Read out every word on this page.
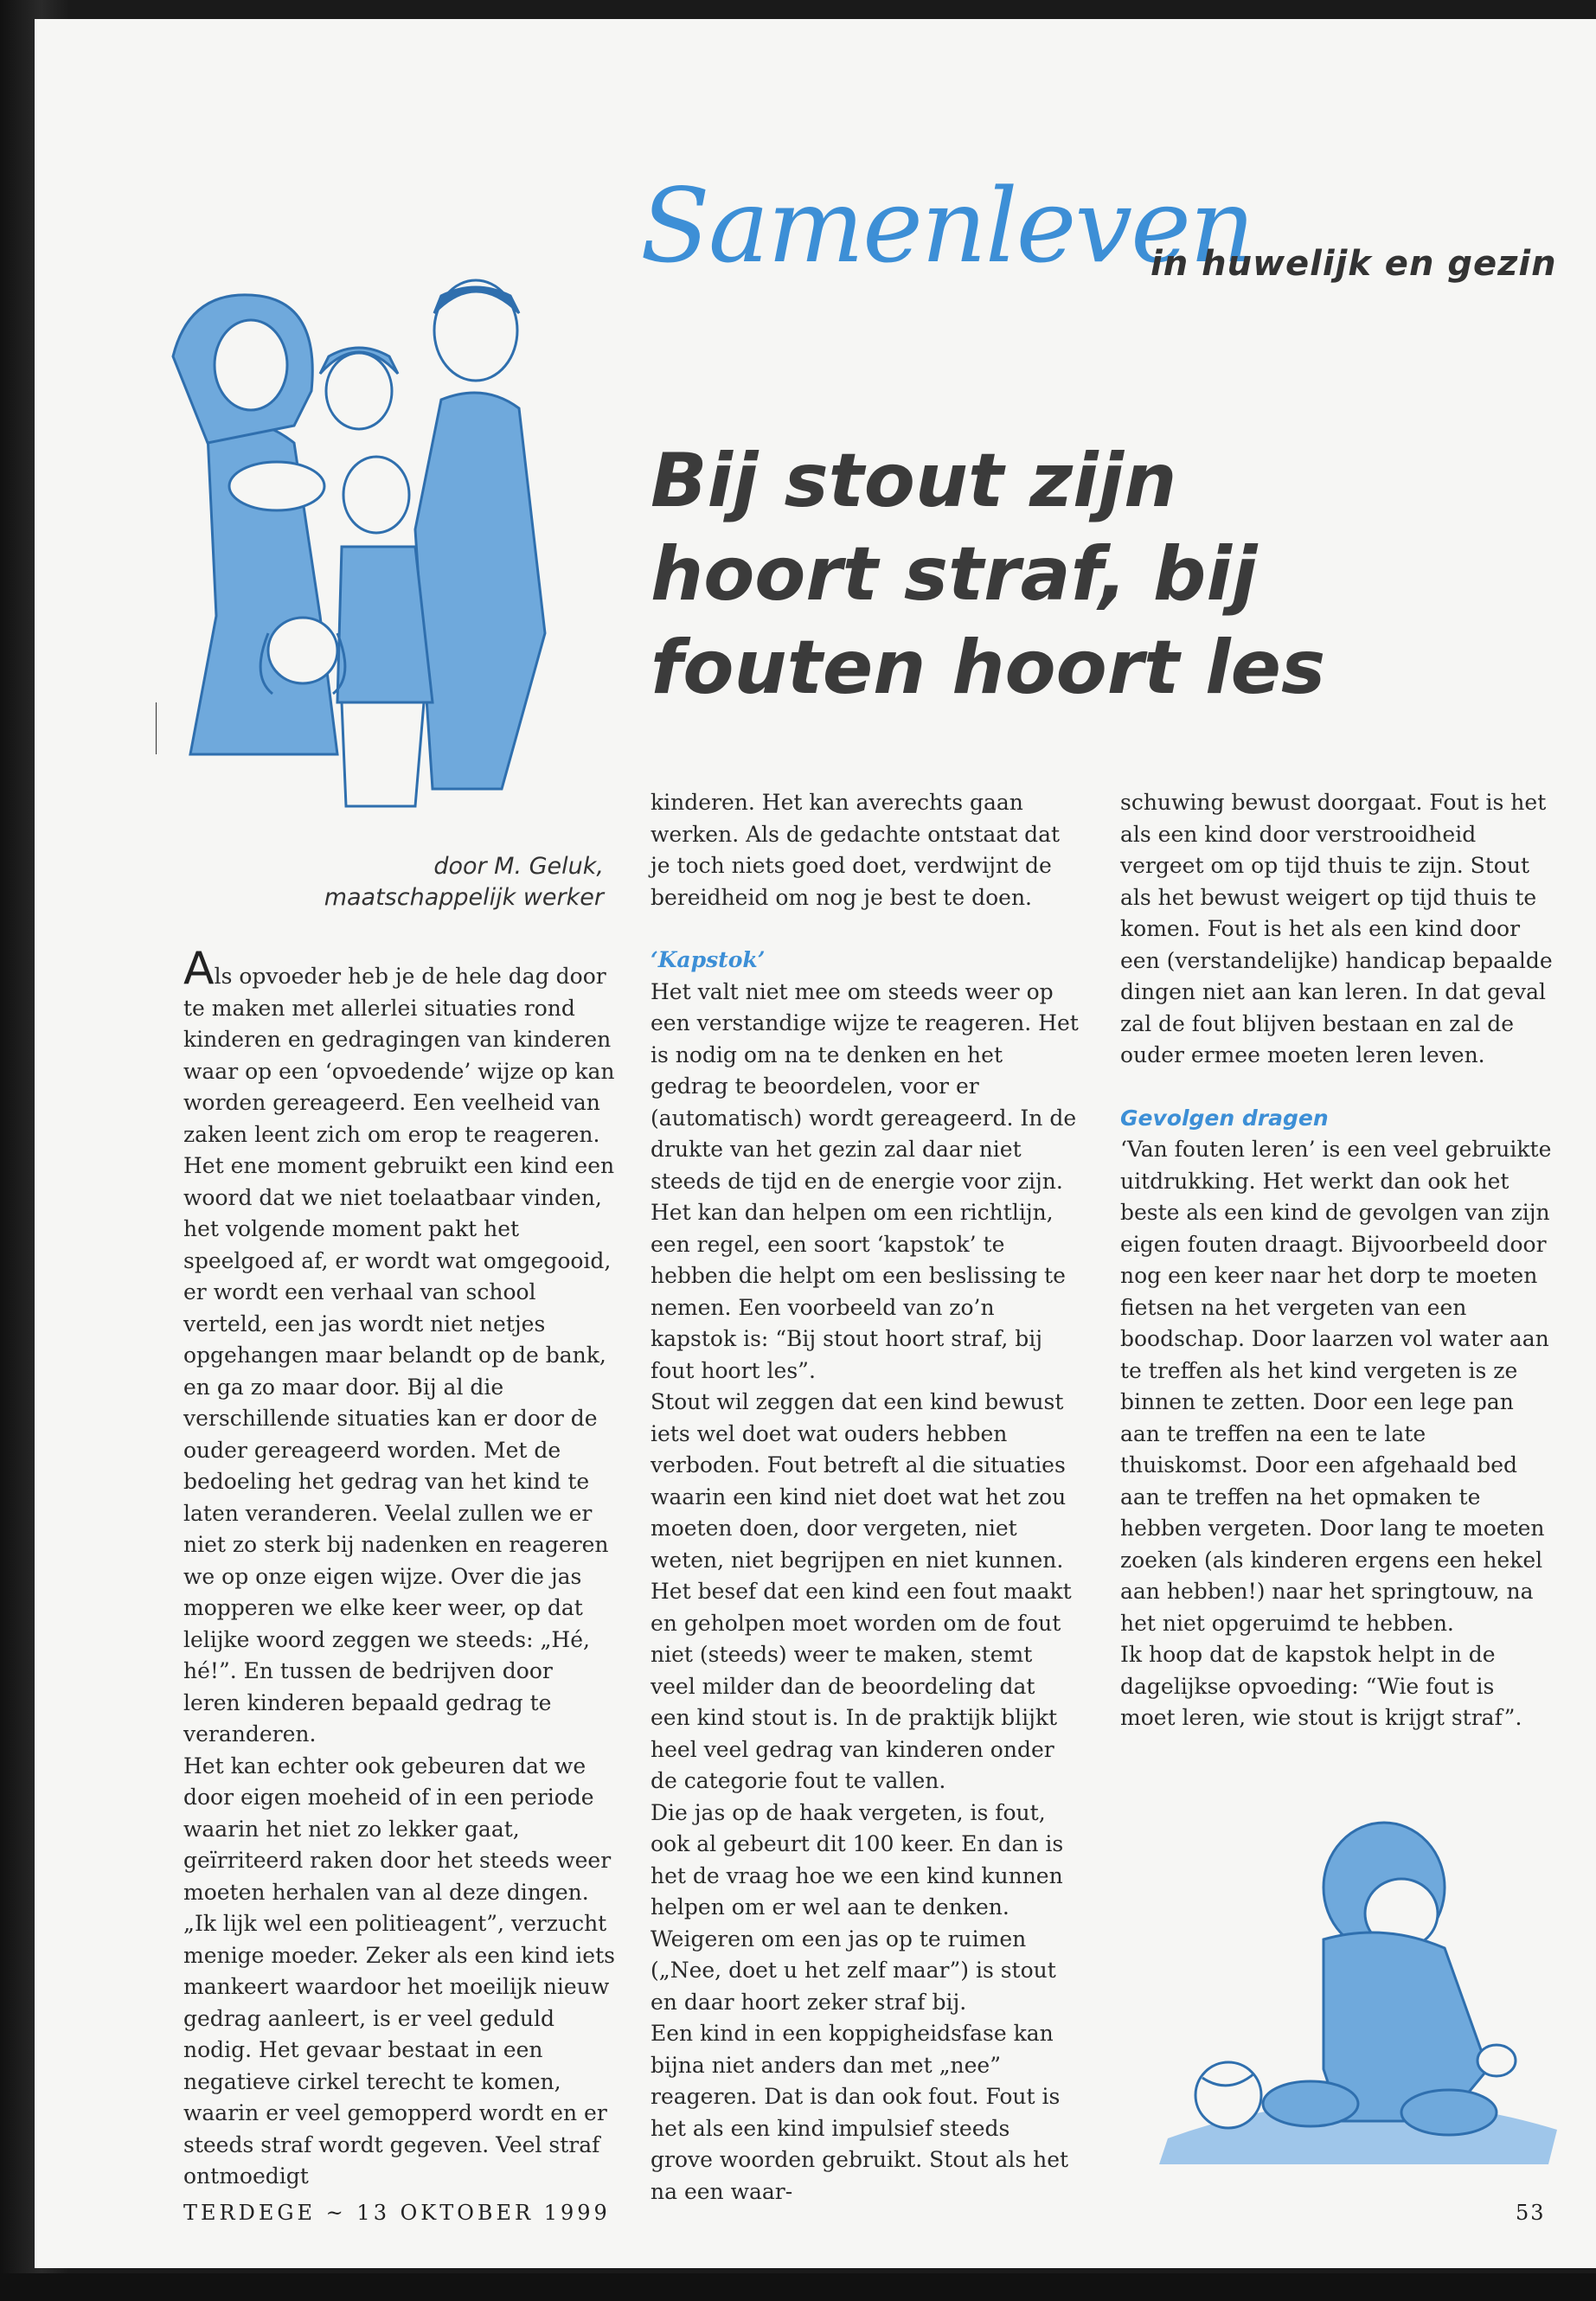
Samenleven
in huwelijk en gezin
Bij stout zijn
hoort straf, bij
fouten hoort les
door M. Geluk,
maatschappelijk werker

Als opvoeder heb je de hele dag door te maken met allerlei situaties rond kinderen en gedragingen van kinderen waar op een ‘opvoedende’ wijze op kan worden gereageerd. Een veelheid van zaken leent zich om erop te reageren. Het ene moment gebruikt een kind een woord dat we niet toelaatbaar vinden, het volgende moment pakt het speelgoed af, er wordt wat omgegooid, er wordt een verhaal van school verteld, een jas wordt niet netjes opgehangen maar belandt op de bank, en ga zo maar door. Bij al die verschillende situaties kan er door de ouder gereageerd worden. Met de bedoeling het gedrag van het kind te laten veranderen. Veelal zullen we er niet zo sterk bij nadenken en reageren we op onze eigen wijze. Over die jas mopperen we elke keer weer, op dat lelijke woord zeggen we steeds: „Hé, hé!”. En tussen de bedrijven door leren kinderen bepaald gedrag te veranderen.

Het kan echter ook gebeuren dat we door eigen moeheid of in een periode waarin het niet zo lekker gaat, geïrriteerd raken door het steeds weer moeten herhalen van al deze dingen. „Ik lijk wel een politieagent”, verzucht menige moeder. Zeker als een kind iets mankeert waardoor het moeilijk nieuw gedrag aanleert, is er veel geduld nodig. Het gevaar bestaat in een negatieve cirkel terecht te komen, waarin er veel gemopperd wordt en er steeds straf wordt gegeven. Veel straf ontmoedigt

kinderen. Het kan averechts gaan werken. Als de gedachte ontstaat dat je toch niets goed doet, verdwijnt de bereidheid om nog je best te doen.

‘Kapstok’

Het valt niet mee om steeds weer op een verstandige wijze te reageren. Het is nodig om na te denken en het gedrag te beoordelen, voor er (automatisch) wordt gereageerd. In de drukte van het gezin zal daar niet steeds de tijd en de energie voor zijn. Het kan dan helpen om een richtlijn, een regel, een soort ‘kapstok’ te hebben die helpt om een beslissing te nemen. Een voorbeeld van zo’n kapstok is: “Bij stout hoort straf, bij fout hoort les”.

Stout wil zeggen dat een kind bewust iets wel doet wat ouders hebben verboden. Fout betreft al die situaties waarin een kind niet doet wat het zou moeten doen, door vergeten, niet weten, niet begrijpen en niet kunnen.

Het besef dat een kind een fout maakt en geholpen moet worden om de fout niet (steeds) weer te maken, stemt veel milder dan de beoordeling dat een kind stout is. In de praktijk blijkt heel veel gedrag van kinderen onder de categorie fout te vallen.

Die jas op de haak vergeten, is fout, ook al gebeurt dit 100 keer. En dan is het de vraag hoe we een kind kunnen helpen om er wel aan te denken. Weigeren om een jas op te ruimen („Nee, doet u het zelf maar”) is stout en daar hoort zeker straf bij.

Een kind in een koppigheidsfase kan bijna niet anders dan met „nee” reageren. Dat is dan ook fout. Fout is het als een kind impulsief steeds grove woorden gebruikt. Stout als het na een waar-

schuwing bewust doorgaat. Fout is het als een kind door verstrooidheid vergeet om op tijd thuis te zijn. Stout als het bewust weigert op tijd thuis te komen. Fout is het als een kind door een (verstandelijke) handicap bepaalde dingen niet aan kan leren. In dat geval zal de fout blijven bestaan en zal de ouder ermee moeten leren leven.

Gevolgen dragen

‘Van fouten leren’ is een veel gebruikte uitdrukking. Het werkt dan ook het beste als een kind de gevolgen van zijn eigen fouten draagt. Bijvoorbeeld door nog een keer naar het dorp te moeten fietsen na het vergeten van een boodschap. Door laarzen vol water aan te treffen als het kind vergeten is ze binnen te zetten. Door een lege pan aan te treffen na een te late thuiskomst. Door een afgehaald bed aan te treffen na het opmaken te hebben vergeten. Door lang te moeten zoeken (als kinderen ergens een hekel aan hebben!) naar het springtouw, na het niet opgeruimd te hebben.

Ik hoop dat de kapstok helpt in de dagelijkse opvoeding: “Wie fout is moet leren, wie stout is krijgt straf”.

TERDEGE ~ 13 OKTOBER 1999	53
